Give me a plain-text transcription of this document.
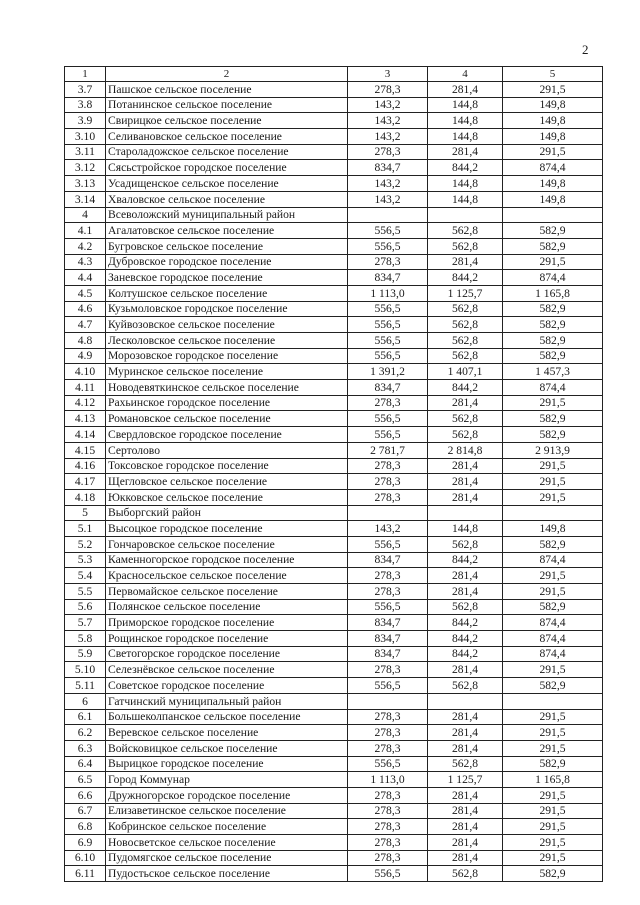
2
1	2	3	4	5
3.7	Пашское сельское поселение	278,3	281,4	291,5
3.8	Потанинское сельское поселение	143,2	144,8	149,8
3.9	Свирицкое сельское поселение	143,2	144,8	149,8
3.10	Селивановское сельское поселение	143,2	144,8	149,8
3.11	Староладожское сельское поселение	278,3	281,4	291,5
3.12	Сясьстройское городское поселение	834,7	844,2	874,4
3.13	Усадищенское сельское поселение	143,2	144,8	149,8
3.14	Хваловское сельское поселение	143,2	144,8	149,8
4	Всеволожский муниципальный район			
4.1	Агалатовское сельское поселение	556,5	562,8	582,9
4.2	Бугровское сельское поселение	556,5	562,8	582,9
4.3	Дубровское городское поселение	278,3	281,4	291,5
4.4	Заневское городское поселение	834,7	844,2	874,4
4.5	Колтушское сельское поселение	1 113,0	1 125,7	1 165,8
4.6	Кузьмоловское городское поселение	556,5	562,8	582,9
4.7	Куйвозовское сельское поселение	556,5	562,8	582,9
4.8	Лесколовское сельское поселение	556,5	562,8	582,9
4.9	Морозовское городское поселение	556,5	562,8	582,9
4.10	Муринское сельское поселение	1 391,2	1 407,1	1 457,3
4.11	Новодевяткинское сельское поселение	834,7	844,2	874,4
4.12	Рахьинское городское поселение	278,3	281,4	291,5
4.13	Романовское сельское поселение	556,5	562,8	582,9
4.14	Свердловское городское поселение	556,5	562,8	582,9
4.15	Сертолово	2 781,7	2 814,8	2 913,9
4.16	Токсовское городское поселение	278,3	281,4	291,5
4.17	Щегловское сельское поселение	278,3	281,4	291,5
4.18	Юкковское сельское поселение	278,3	281,4	291,5
5	Выборгский район			
5.1	Высоцкое городское поселение	143,2	144,8	149,8
5.2	Гончаровское сельское поселение	556,5	562,8	582,9
5.3	Каменногорское городское поселение	834,7	844,2	874,4
5.4	Красносельское сельское поселение	278,3	281,4	291,5
5.5	Первомайское сельское поселение	278,3	281,4	291,5
5.6	Полянское сельское поселение	556,5	562,8	582,9
5.7	Приморское городское поселение	834,7	844,2	874,4
5.8	Рощинское городское поселение	834,7	844,2	874,4
5.9	Светогорское городское поселение	834,7	844,2	874,4
5.10	Селезнёвское сельское поселение	278,3	281,4	291,5
5.11	Советское городское поселение	556,5	562,8	582,9
6	Гатчинский муниципальный район			
6.1	Большеколпанское сельское поселение	278,3	281,4	291,5
6.2	Веревское сельское поселение	278,3	281,4	291,5
6.3	Войсковицкое сельское поселение	278,3	281,4	291,5
6.4	Вырицкое городское поселение	556,5	562,8	582,9
6.5	Город Коммунар	1 113,0	1 125,7	1 165,8
6.6	Дружногорское городское поселение	278,3	281,4	291,5
6.7	Елизаветинское сельское поселение	278,3	281,4	291,5
6.8	Кобринское сельское поселение	278,3	281,4	291,5
6.9	Новосветское сельское поселение	278,3	281,4	291,5
6.10	Пудомягское сельское поселение	278,3	281,4	291,5
6.11	Пудостьское сельское поселение	556,5	562,8	582,9
